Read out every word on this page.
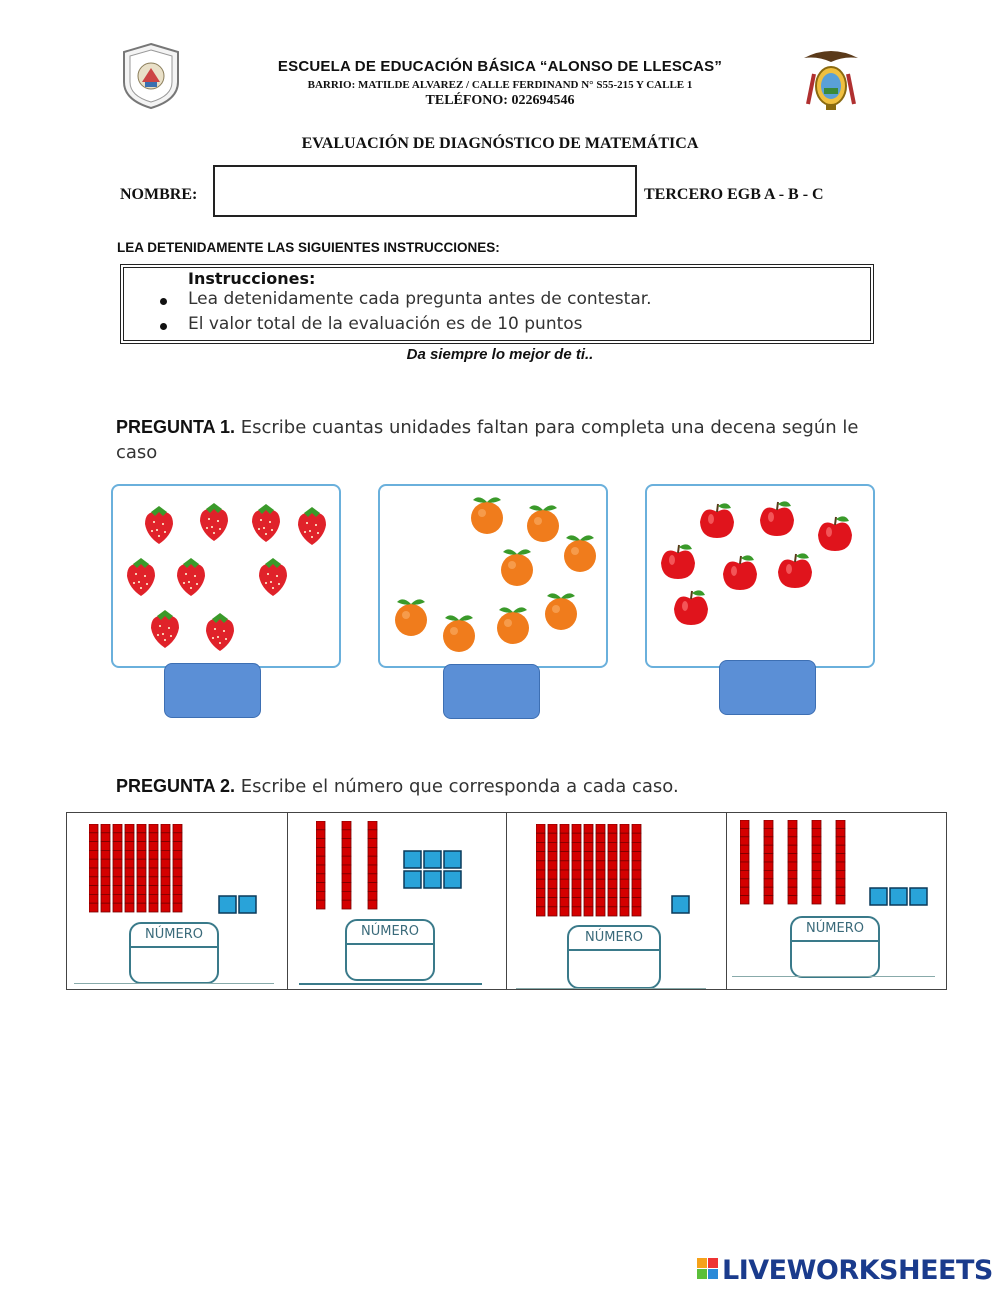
ESCUELA DE EDUCACIÓN BÁSICA “ALONSO DE LLESCAS”
BARRIO: MATILDE ALVAREZ / CALLE FERDINAND N° S55-215 Y CALLE 1
TELÉFONO: 022694546
EVALUACIÓN DE DIAGNÓSTICO DE MATEMÁTICA
NOMBRE:	TERCERO EGB A - B - C
LEA DETENIDAMENTE LAS SIGUIENTES INSTRUCCIONES:
Instrucciones:
Lea detenidamente cada pregunta antes de contestar.
El valor total de la evaluación es de 10 puntos
Da siempre lo mejor de ti..
PREGUNTA 1. Escribe cuantas unidades faltan para completa una decena según le
caso
PREGUNTA 2. Escribe el número que corresponda a cada caso.
NÚMERO	NÚMERO	NÚMERO
NÚMERO
LIVEWORKSHEETS
